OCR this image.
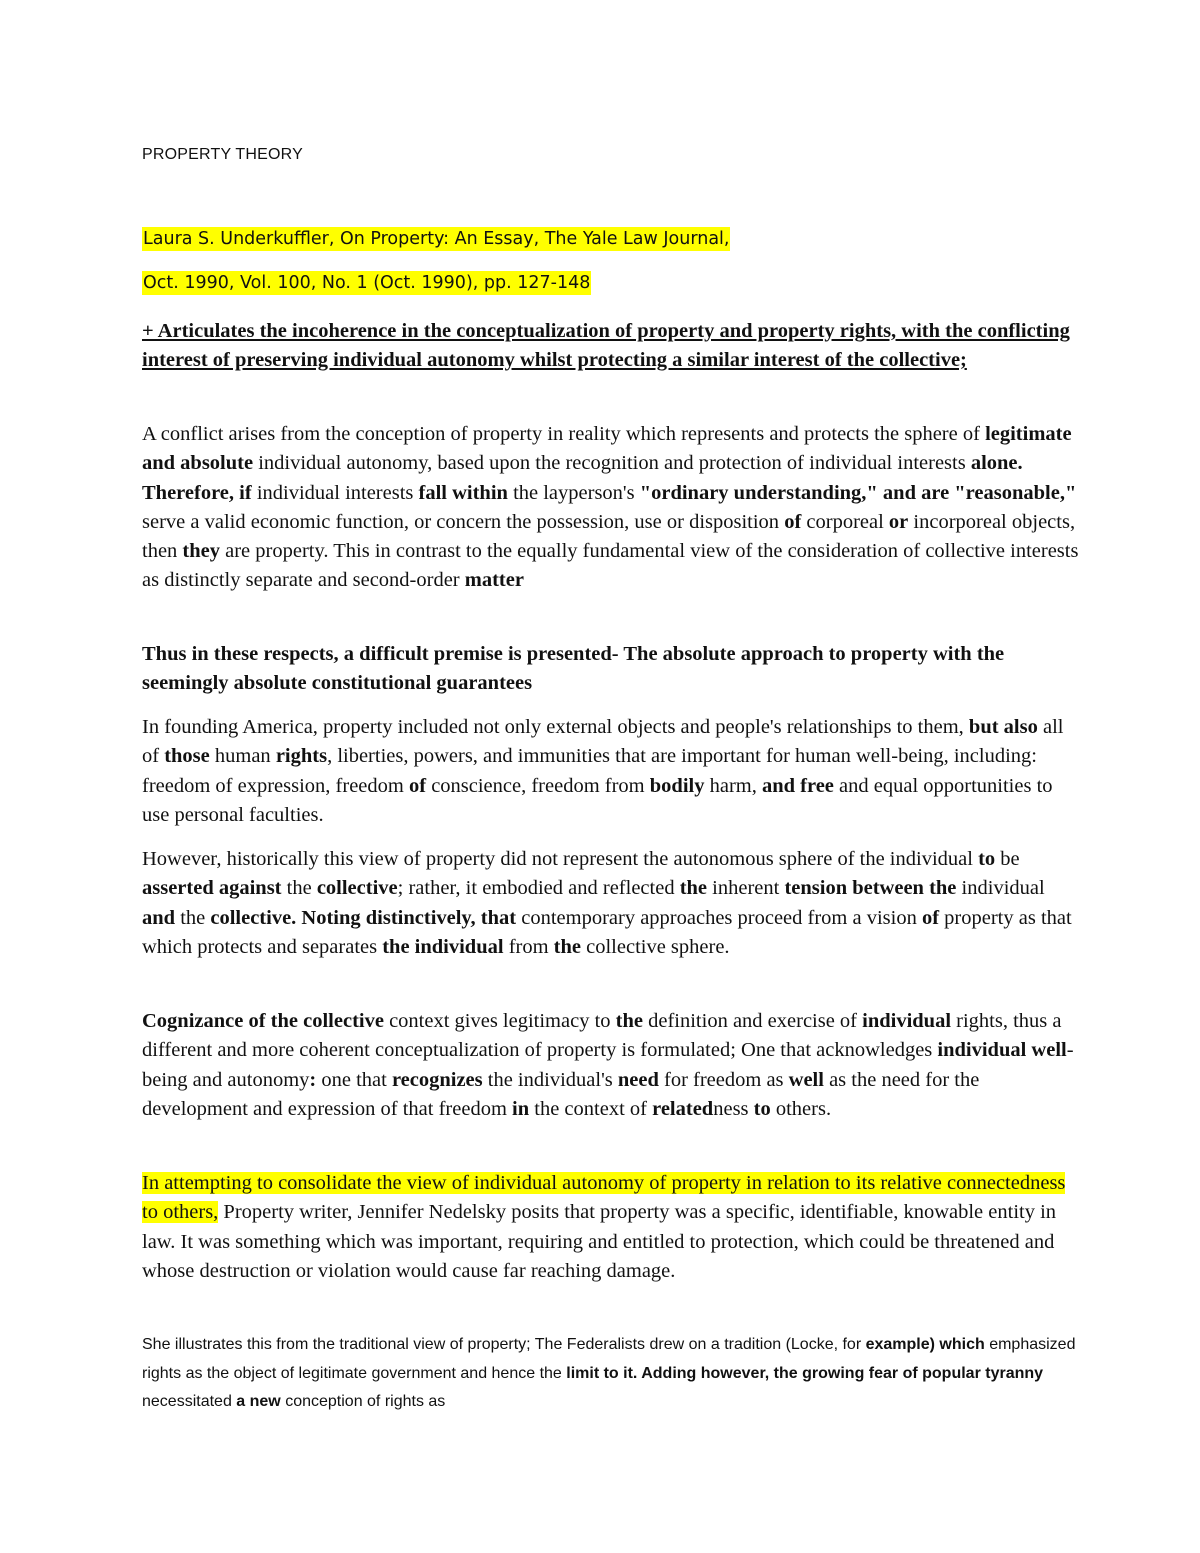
PROPERTY THEORY
Laura S. Underkuffler, On Property: An Essay, The Yale Law Journal,
Oct. 1990, Vol. 100, No. 1 (Oct. 1990), pp. 127-148

+ Articulates the incoherence in the conceptualization of property and property rights, with the conflicting interest of preserving individual autonomy whilst protecting a similar interest of the collective;

A conflict arises from the conception of property in reality which represents and protects the sphere of legitimate and absolute individual autonomy, based upon the recognition and protection of individual interests alone. Therefore, if individual interests fall within the layperson's "ordinary understanding," and are "reasonable," serve a valid economic function, or concern the possession, use or disposition of corporeal or incorporeal objects, then they are property. This in contrast to the equally fundamental view of the consideration of collective interests as distinctly separate and second-order matter

Thus in these respects, a difficult premise is presented- The absolute approach to property with the seemingly absolute constitutional guarantees

In founding America, property included not only external objects and people's relationships to them, but also all of those human rights, liberties, powers, and immunities that are important for human well-being, including: freedom of expression, freedom of conscience, freedom from bodily harm, and free and equal opportunities to use personal faculties.

However, historically this view of property did not represent the autonomous sphere of the individual to be asserted against the collective; rather, it embodied and reflected the inherent tension between the individual and the collective. Noting distinctively, that contemporary approaches proceed from a vision of property as that which protects and separates the individual from the collective sphere.

Cognizance of the collective context gives legitimacy to the definition and exercise of individual rights, thus a different and more coherent conceptualization of property is formulated; One that acknowledges individual well-being and autonomy: one that recognizes the individual's need for freedom as well as the need for the development and expression of that freedom in the context of relatedness to others.

In attempting to consolidate the view of individual autonomy of property in relation to its relative connectedness to others, Property writer, Jennifer Nedelsky posits that property was a specific, identifiable, knowable entity in law. It was something which was important, requiring and entitled to protection, which could be threatened and whose destruction or violation would cause far reaching damage.

She illustrates this from the traditional view of property; The Federalists drew on a tradition (Locke, for example) which emphasized rights as the object of legitimate government and hence the limit to it. Adding however, the growing fear of popular tyranny necessitated a new conception of rights as
